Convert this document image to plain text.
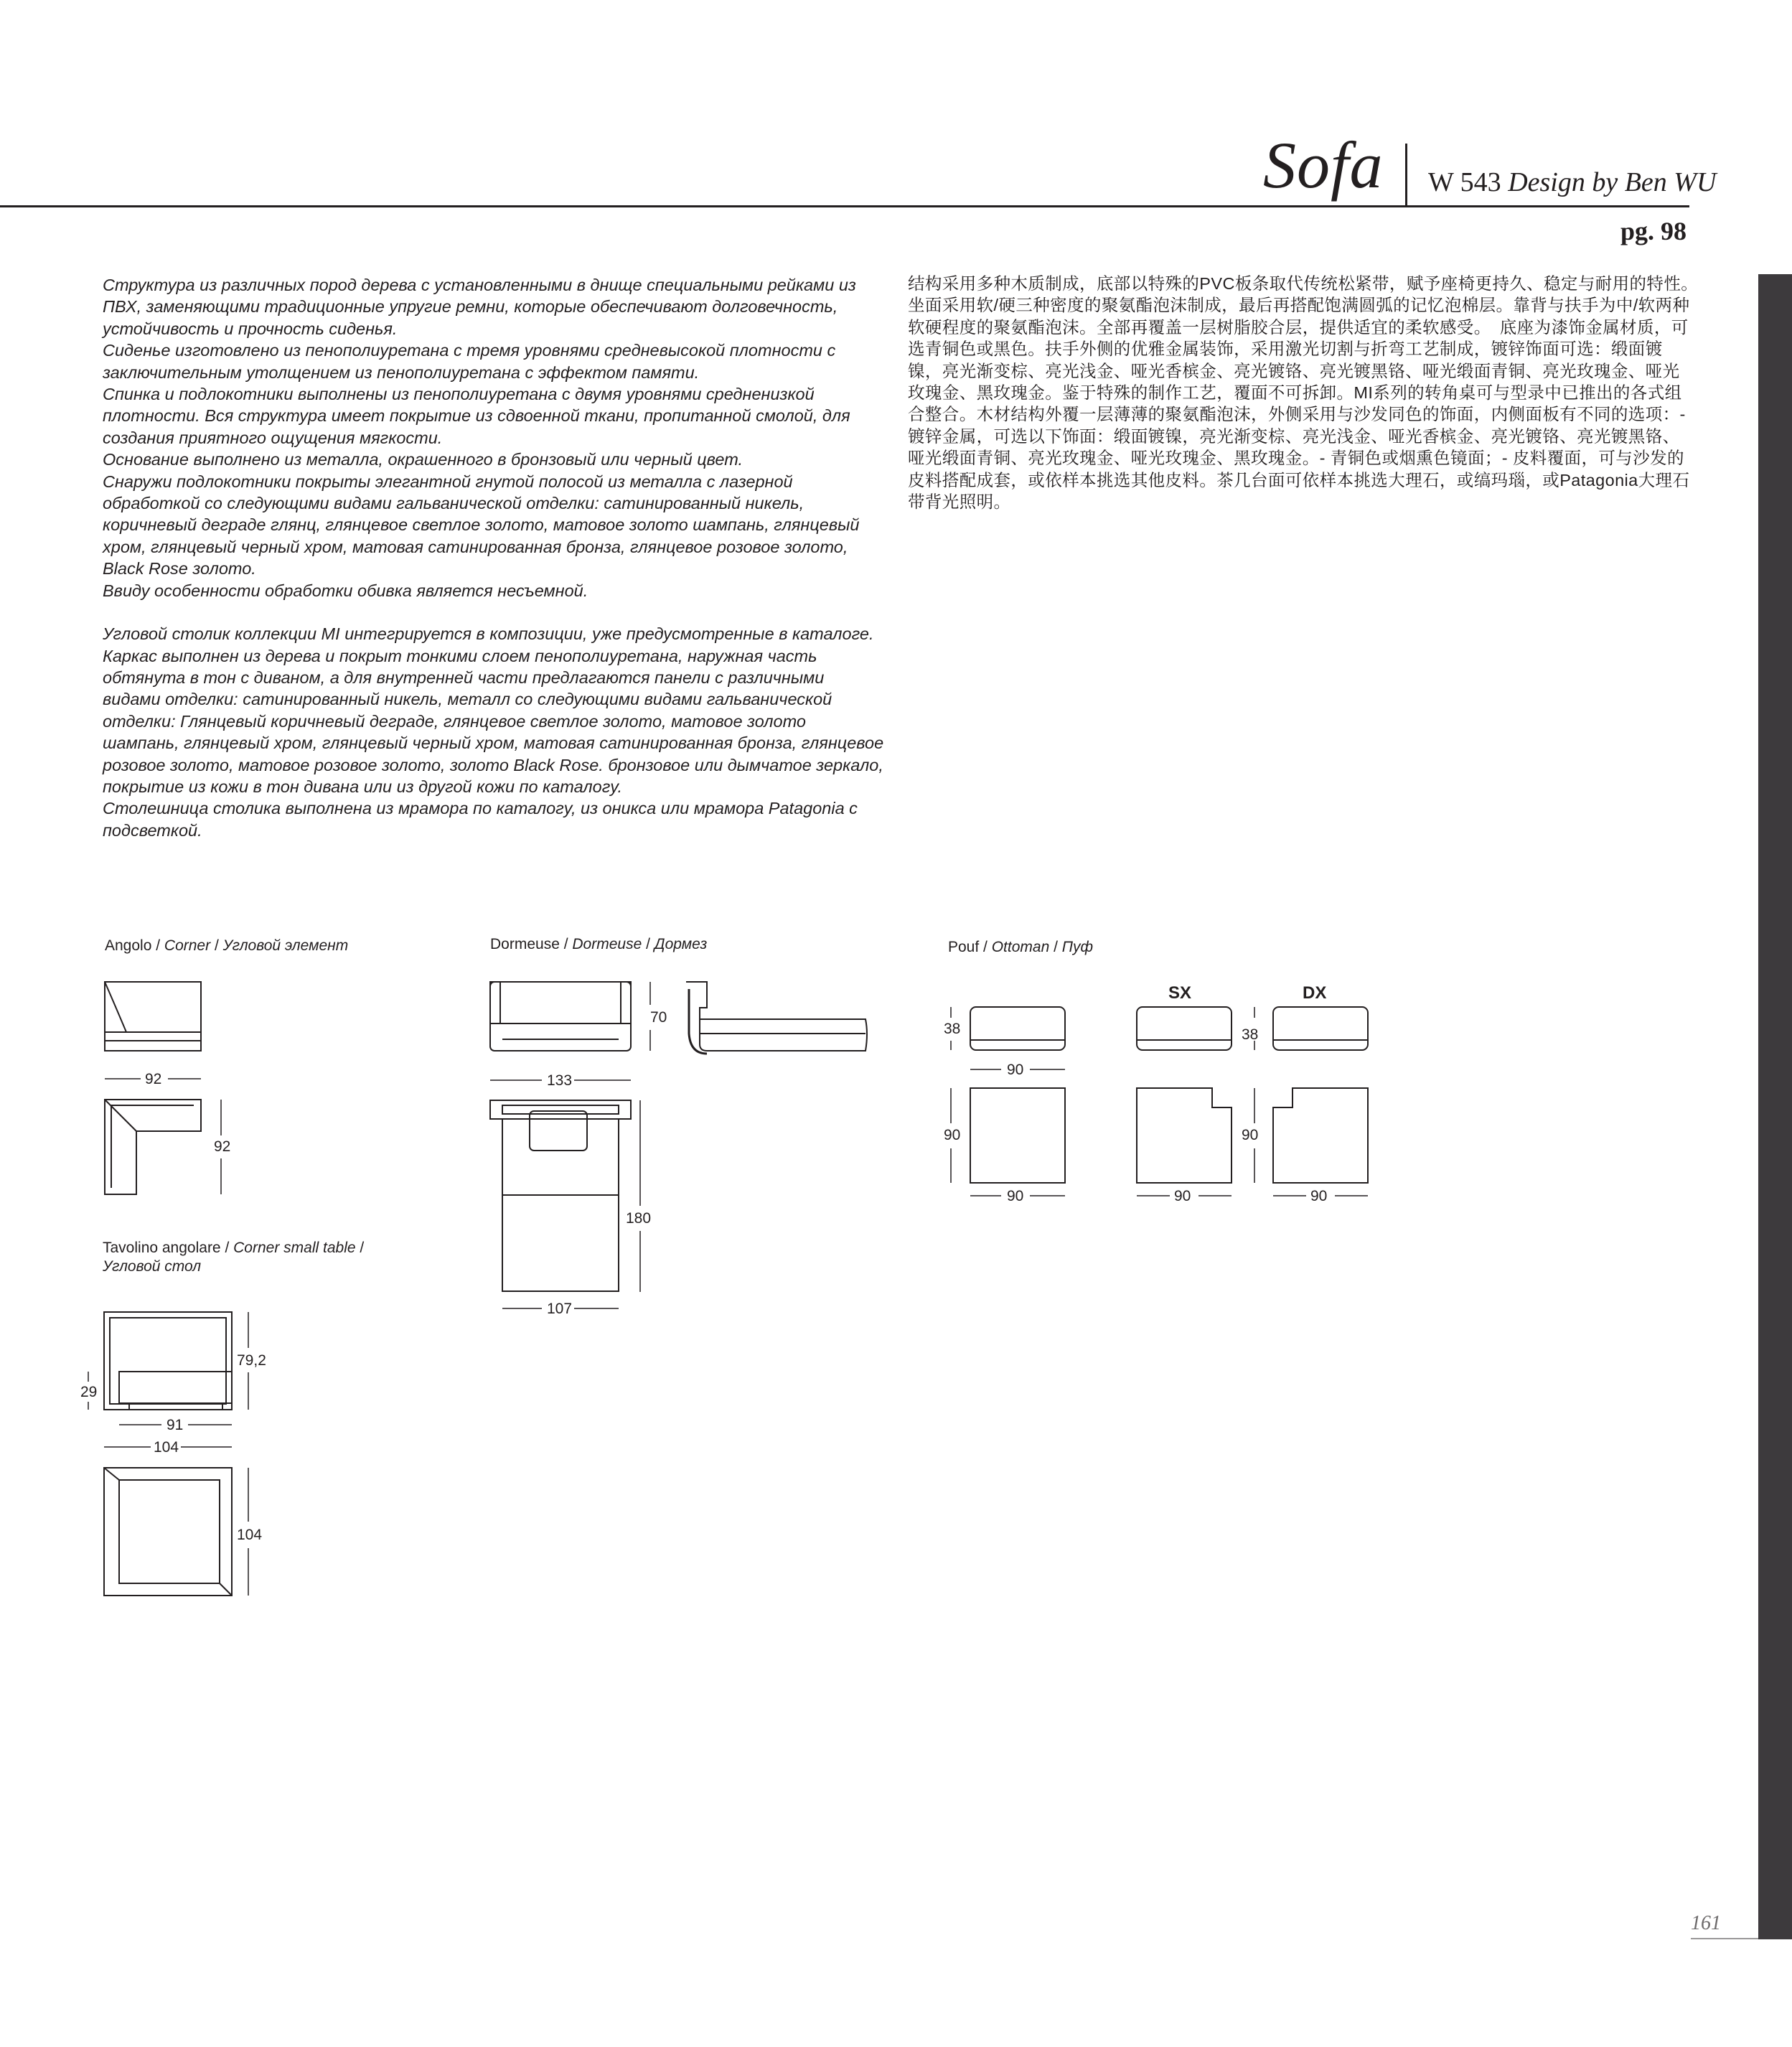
Sofa W 543 Design by Ben WU
pg. 98

Структура из различных пород дерева с установленными в днище специальными рейками из ПВХ, заменяющими традиционные упругие ремни, которые обеспечивают долговечность, устойчивость и прочность сиденья.

Сиденье изготовлено из пенополиуретана с тремя уровнями средневысокой плотности с заключительным утолщением из пенополиуретана с эффектом памяти.

Спинка и подлокотники выполнены из пенополиуретана с двумя уровнями средненизкой плотности. Вся структура имеет покрытие из сдвоенной ткани, пропитанной смолой, для создания приятного ощущения мягкости.

Основание выполнено из металла, окрашенного в бронзовый или черный цвет.

Снаружи подлокотники покрыты элегантной гнутой полосой из металла с лазерной обработкой со следующими видами гальванической отделки: сатинированный никель, коричневый деграде глянц, глянцевое светлое золото, матовое золото шампань, глянцевый хром, глянцевый черный хром, матовая сатинированная бронза, глянцевое розовое золото, Black Rose золото.

Ввиду особенности обработки обивка является несъемной.

Угловой столик коллекции MI интегрируется в композиции, уже предусмотренные в каталоге. Каркас выполнен из дерева и покрыт тонкими слоем пенополиуретана, наружная часть обтянута в тон с диваном, а для внутренней части предлагаются панели с различными видами отделки: сатинированный никель, металл со следующими видами гальванической отделки: Глянцевый коричневый деграде, глянцевое светлое золото, матовое золото шампань, глянцевый хром, глянцевый черный хром, матовая сатинированная бронза, глянцевое розовое золото, матовое розовое золото, золото Black Rose. бронзовое или дымчатое зеркало, покрытие из кожи в тон дивана или из другой кожи по каталогу.

Столешница столика выполнена из мрамора по каталогу, из оникса или мрамора Patagonia с подсветкой.

结构采用多种木质制成，底部以特殊的PVC板条取代传统松紧带，赋予座椅更持久、稳定与耐用的特性。　坐面采用软/硬三种密度的聚氨酯泡沫制成，最后再搭配饱满圆弧的记忆泡棉层。靠背与扶手为中/软两种软硬程度的聚氨酯泡沫。全部再覆盖一层树脂胶合层，提供适宜的柔软感受。　底座为漆饰金属材质，可选青铜色或黑色。扶手外侧的优雅金属装饰，采用激光切割与折弯工艺制成，镀锌饰面可选：缎面镀镍，亮光渐变棕、亮光浅金、哑光香槟金、亮光镀铬、亮光镀黑铬、哑光缎面青铜、亮光玫瑰金、哑光玫瑰金、黑玫瑰金。鉴于特殊的制作工艺，覆面不可拆卸。MI系列的转角桌可与型录中已推出的各式组合整合。木材结构外覆一层薄薄的聚氨酯泡沫，外侧采用与沙发同色的饰面，内侧面板有不同的选项：- 镀锌金属，可选以下饰面：缎面镀镍，亮光渐变棕、亮光浅金、哑光香槟金、亮光镀铬、亮光镀黑铬、哑光缎面青铜、亮光玫瑰金、哑光玫瑰金、黑玫瑰金。- 青铜色或烟熏色镜面；- 皮料覆面，可与沙发的皮料搭配成套，或依样本挑选其他皮料。茶几台面可依样本挑选大理石，或缟玛瑙，或Patagonia大理石带背光照明。

Angolo / Corner / Угловой элемент	Dormeuse / Dormeuse / Дормез	Pouf / Ottoman / Пуф
Tavolino angolare / Corner small table /
Угловой стол
92
92
70
133
180
107
38
90
90
90
SX	DX
38
90
90	90
29
79,2
91
104
104
161
